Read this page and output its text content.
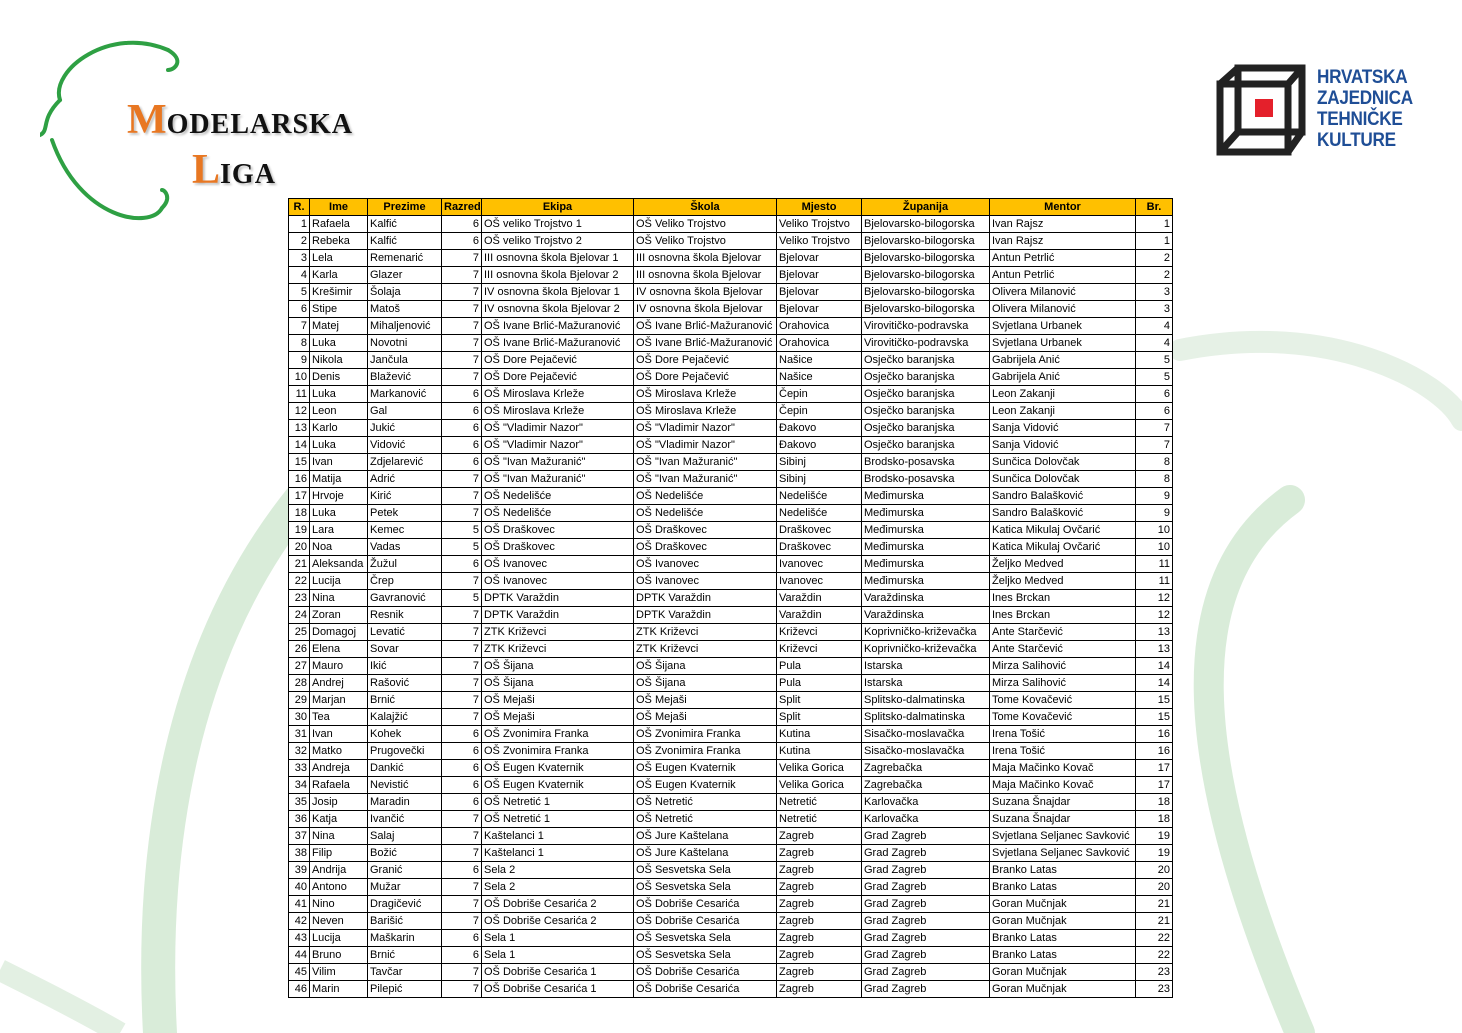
MODELARSKA
LIGA
HRVATSKA
ZAJEDNICA
TEHNIČKE
KULTURE
R.	Ime	Prezime	Razred	Ekipa	Škola	Mjesto	Županija	Mentor	Br.
1	Rafaela	Kalfić	6	OŠ veliko Trojstvo 1	OŠ Veliko Trojstvo	Veliko Trojstvo	Bjelovarsko-bilogorska	Ivan Rajsz	1
2	Rebeka	Kalfić	6	OŠ veliko Trojstvo 2	OŠ Veliko Trojstvo	Veliko Trojstvo	Bjelovarsko-bilogorska	Ivan Rajsz	1
3	Lela	Remenarić	7	III osnovna škola Bjelovar 1	III osnovna škola Bjelovar	Bjelovar	Bjelovarsko-bilogorska	Antun Petrlić	2
4	Karla	Glazer	7	III osnovna škola Bjelovar 2	III osnovna škola Bjelovar	Bjelovar	Bjelovarsko-bilogorska	Antun Petrlić	2
5	Krešimir	Šolaja	7	IV osnovna škola Bjelovar 1	IV osnovna škola Bjelovar	Bjelovar	Bjelovarsko-bilogorska	Olivera Milanović	3
6	Stipe	Matoš	7	IV osnovna škola Bjelovar 2	IV osnovna škola Bjelovar	Bjelovar	Bjelovarsko-bilogorska	Olivera Milanović	3
7	Matej	Mihaljenović	7	OŠ Ivane Brlić-Mažuranović	OŠ Ivane Brlić-Mažuranović	Orahovica	Virovitičko-podravska	Svjetlana Urbanek	4
8	Luka	Novotni	7	OŠ Ivane Brlić-Mažuranović	OŠ Ivane Brlić-Mažuranović	Orahovica	Virovitičko-podravska	Svjetlana Urbanek	4
9	Nikola	Jančula	7	OŠ Dore Pejačević	OŠ Dore Pejačević	Našice	Osječko baranjska	Gabrijela Anić	5
10	Denis	Blažević	7	OŠ Dore Pejačević	OŠ Dore Pejačević	Našice	Osječko baranjska	Gabrijela Anić	5
11	Luka	Markanović	6	OŠ Miroslava Krleže	OŠ Miroslava Krleže	Čepin	Osječko baranjska	Leon Zakanji	6
12	Leon	Gal	6	OŠ Miroslava Krleže	OŠ Miroslava Krleže	Čepin	Osječko baranjska	Leon Zakanji	6
13	Karlo	Jukić	6	OŠ "Vladimir Nazor"	OŠ "Vladimir Nazor"	Đakovo	Osječko baranjska	Sanja Vidović	7
14	Luka	Vidović	6	OŠ "Vladimir Nazor"	OŠ "Vladimir Nazor"	Đakovo	Osječko baranjska	Sanja Vidović	7
15	Ivan	Zdjelarević	6	OŠ "Ivan Mažuranić"	OŠ "Ivan Mažuranić"	Sibinj	Brodsko-posavska	Sunčica Dolovčak	8
16	Matija	Adrić	7	OŠ "Ivan Mažuranić"	OŠ "Ivan Mažuranić"	Sibinj	Brodsko-posavska	Sunčica Dolovčak	8
17	Hrvoje	Kirić	7	OŠ Nedelišće	OŠ Nedelišće	Nedelišće	Međimurska	Sandro Balašković	9
18	Luka	Petek	7	OŠ Nedelišće	OŠ Nedelišće	Nedelišće	Međimurska	Sandro Balašković	9
19	Lara	Kemec	5	OŠ Draškovec	OŠ Draškovec	Draškovec	Međimurska	Katica Mikulaj Ovčarić	10
20	Noa	Vadas	5	OŠ Draškovec	OŠ Draškovec	Draškovec	Međimurska	Katica Mikulaj Ovčarić	10
21	Aleksanda	Žužul	6	OŠ Ivanovec	OŠ Ivanovec	Ivanovec	Međimurska	Željko Medved	11
22	Lucija	Črep	7	OŠ Ivanovec	OŠ Ivanovec	Ivanovec	Međimurska	Željko Medved	11
23	Nina	Gavranović	5	DPTK Varaždin	DPTK Varaždin	Varaždin	Varaždinska	Ines Brckan	12
24	Zoran	Resnik	7	DPTK Varaždin	DPTK Varaždin	Varaždin	Varaždinska	Ines Brckan	12
25	Domagoj	Levatić	7	ZTK Križevci	ZTK Križevci	Križevci	Koprivničko-križevačka	Ante Starčević	13
26	Elena	Sovar	7	ZTK Križevci	ZTK Križevci	Križevci	Koprivničko-križevačka	Ante Starčević	13
27	Mauro	Ikić	7	OŠ Šijana	OŠ Šijana	Pula	Istarska	Mirza Salihović	14
28	Andrej	Rašović	7	OŠ Šijana	OŠ Šijana	Pula	Istarska	Mirza Salihović	14
29	Marjan	Brnić	7	OŠ Mejaši	OŠ Mejaši	Split	Splitsko-dalmatinska	Tome Kovačević	15
30	Tea	Kalajžić	7	OŠ Mejaši	OŠ Mejaši	Split	Splitsko-dalmatinska	Tome Kovačević	15
31	Ivan	Kohek	6	OŠ Zvonimira Franka	OŠ Zvonimira Franka	Kutina	Sisačko-moslavačka	Irena Tošić	16
32	Matko	Prugovečki	6	OŠ Zvonimira Franka	OŠ Zvonimira Franka	Kutina	Sisačko-moslavačka	Irena Tošić	16
33	Andreja	Dankić	6	OŠ Eugen Kvaternik	OŠ Eugen Kvaternik	Velika Gorica	Zagrebačka	Maja Mačinko Kovač	17
34	Rafaela	Nevistić	6	OŠ Eugen Kvaternik	OŠ Eugen Kvaternik	Velika Gorica	Zagrebačka	Maja Mačinko Kovač	17
35	Josip	Maradin	6	OŠ Netretić 1	OŠ Netretić	Netretić	Karlovačka	Suzana Šnajdar	18
36	Katja	Ivančić	7	OŠ Netretić 1	OŠ Netretić	Netretić	Karlovačka	Suzana Šnajdar	18
37	Nina	Salaj	7	Kaštelanci 1	OŠ Jure Kaštelana	Zagreb	Grad Zagreb	Svjetlana Seljanec Savković	19
38	Filip	Božić	7	Kaštelanci 1	OŠ Jure Kaštelana	Zagreb	Grad Zagreb	Svjetlana Seljanec Savković	19
39	Andrija	Granić	6	Sela 2	OŠ Sesvetska Sela	Zagreb	Grad Zagreb	Branko Latas	20
40	Antono	Mužar	7	Sela 2	OŠ Sesvetska Sela	Zagreb	Grad Zagreb	Branko Latas	20
41	Nino	Dragičević	7	OŠ Dobriše Cesarića 2	OŠ Dobriše Cesarića	Zagreb	Grad Zagreb	Goran Mučnjak	21
42	Neven	Barišić	7	OŠ Dobriše Cesarića 2	OŠ Dobriše Cesarića	Zagreb	Grad Zagreb	Goran Mučnjak	21
43	Lucija	Maškarin	6	Sela 1	OŠ Sesvetska Sela	Zagreb	Grad Zagreb	Branko Latas	22
44	Bruno	Brnić	6	Sela 1	OŠ Sesvetska Sela	Zagreb	Grad Zagreb	Branko Latas	22
45	Vilim	Tavčar	7	OŠ Dobriše Cesarića 1	OŠ Dobriše Cesarića	Zagreb	Grad Zagreb	Goran Mučnjak	23
46	Marin	Pilepić	7	OŠ Dobriše Cesarića 1	OŠ Dobriše Cesarića	Zagreb	Grad Zagreb	Goran Mučnjak	23
